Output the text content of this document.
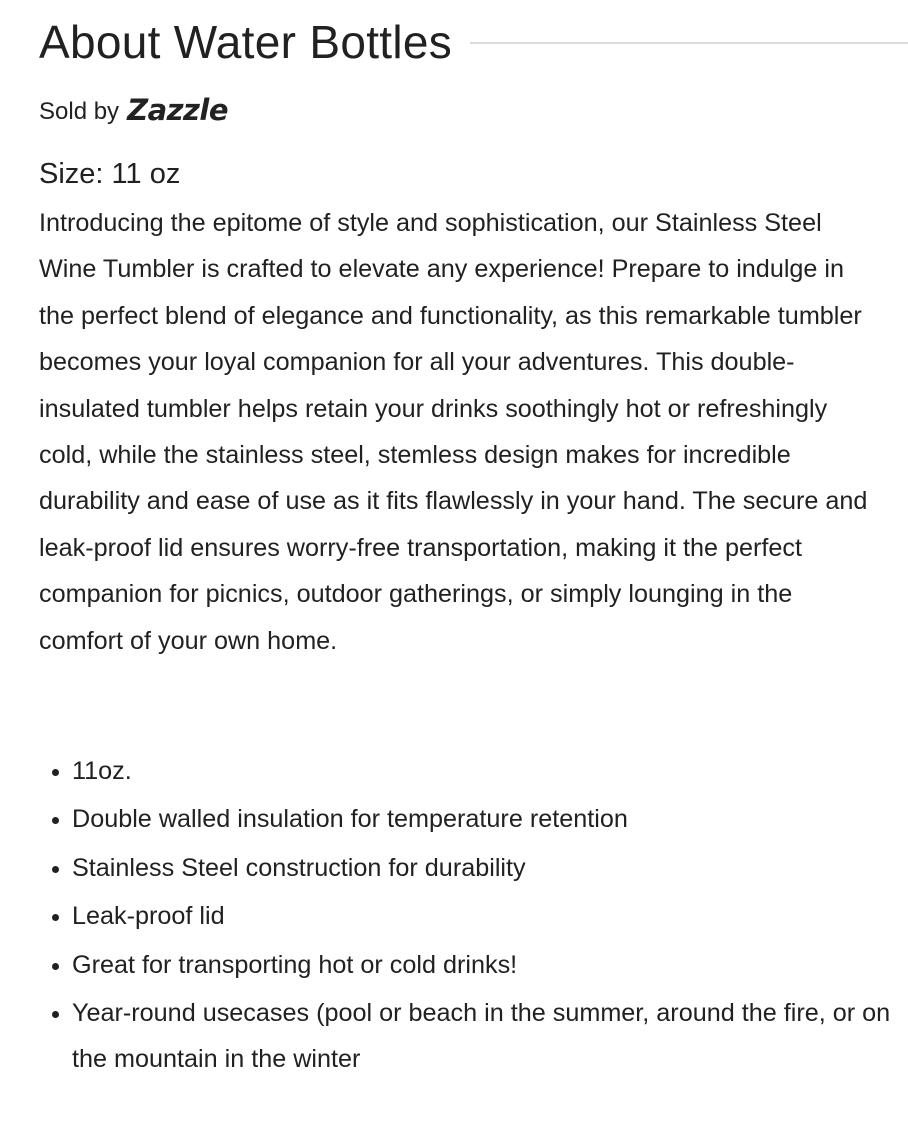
About Water Bottles
Sold by Zazzle
Size: 11 oz

Introducing the epitome of style and sophistication, our Stainless Steel Wine Tumbler is crafted to elevate any experience! Prepare to indulge in the perfect blend of elegance and functionality, as this remarkable tumbler becomes your loyal companion for all your adventures. This double-insulated tumbler helps retain your drinks soothingly hot or refreshingly cold, while the stainless steel, stemless design makes for incredible durability and ease of use as it fits flawlessly in your hand. The secure and leak-proof lid ensures worry-free transportation, making it the perfect companion for picnics, outdoor gatherings, or simply lounging in the comfort of your own home.

• 11oz.
• Double walled insulation for temperature retention
• Stainless Steel construction for durability
• Leak-proof lid
• Great for transporting hot or cold drinks!
• Year-round usecases (pool or beach in the summer, around the fire, or on the mountain in the winter
